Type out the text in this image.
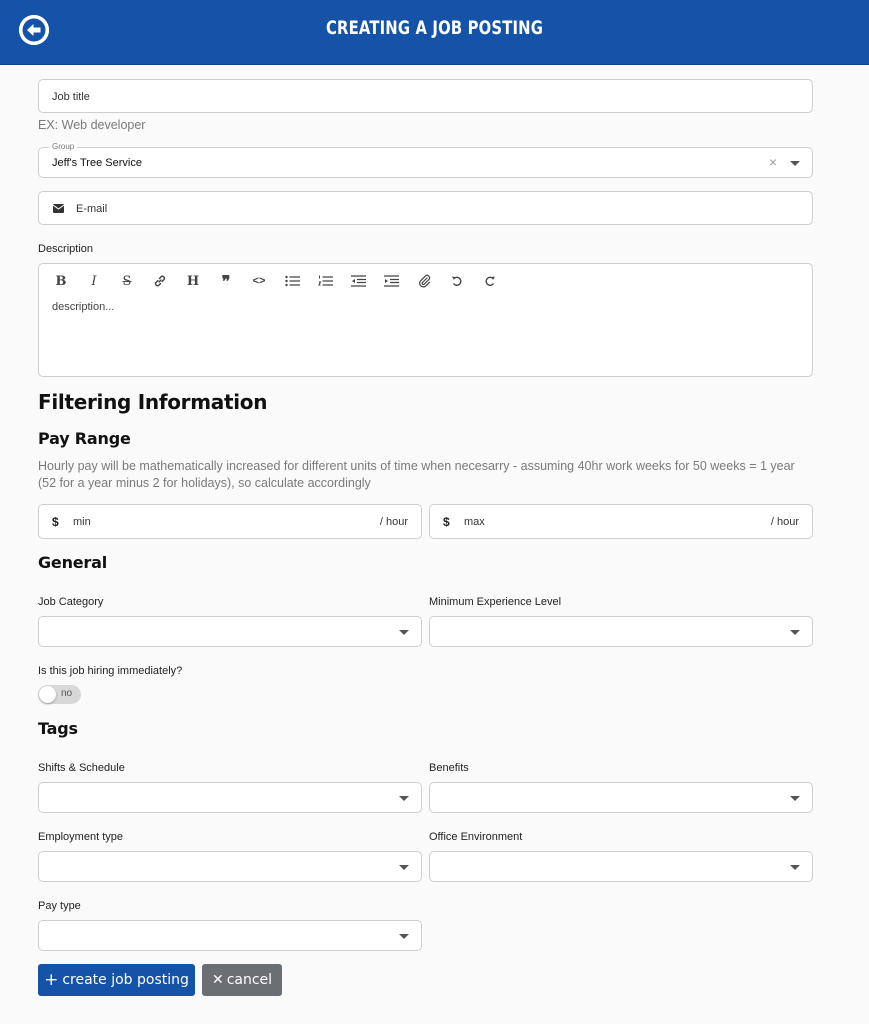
CREATING A JOB POSTING
Job title
EX: Web developer
Group
Jeff's Tree Service	×
E-mail
Description
B	I	S	H ❞	<>
description...
Filtering Information
Pay Range
Hourly pay will be mathematically increased for different units of time when necesarry - assuming 40hr work weeks for 50 weeks = 1 year (52 for a year minus 2 for holidays), so calculate accordingly
$ min	/ hour	$ max	/ hour
General
Job Category	Minimum Experience Level
Is this job hiring immediately?
no
Tags
Shifts & Schedule	Benefits
Employment type	Office Environment
Pay type
+ create job posting ✕ cancel
